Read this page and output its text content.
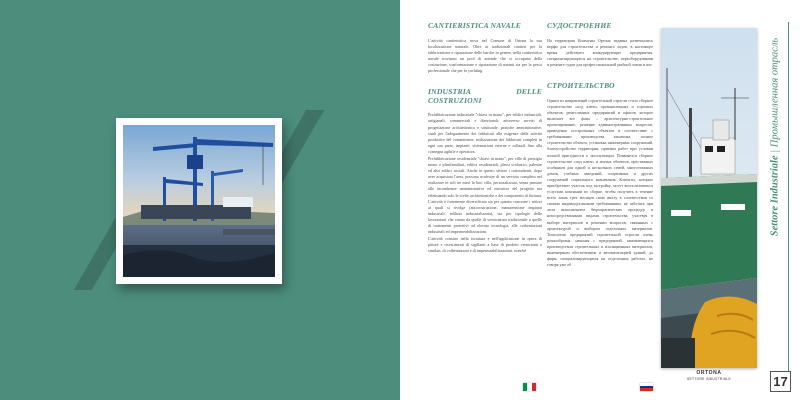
CANTIERISTICA NAVALE

L'attività cantieristica trova nel Comune di Ortona la sua localizzazione naturale. Oltre ai tradizionali cantieri per la fabbricazione e riparazione delle barche in genere, nella cantieristica navale troviamo un pool di aziende che si occupano della costruzione, trasformazione e riparazione di natanti sia per la pesca professionale che per lo yachting.

INDUSTRIA DELLE COSTRUZIONI

Prefabbricazione industriale "chiavi in mano", per edifici industriali, artigianali, commerciali e direzionali: attraverso servizi di progettazione architettonica e strutturale, pratiche amministrative, studi per l'adeguamento dei fabbricati alle esigenze delle attività produttive del committente, realizzazione dei fabbricati completi in ogni sua parte, impianti, sistemazioni esterne e collaudi fino alla consegna agibile e operativa.

Prefabbricazione residenziale "chiavi in mano", per ville di prestigio mono o plurifamiliari, edifici residenziali, plessi scolastici, palestre ed altri edifici sociali. Anche in questo settore i committenti, dopo aver acquistato l'area, possono usufruire di un servizio completo nel realizzare in soli tre mesi la loro villa, personalizzata, senza pensare alle incombenze amministrative ed esecutive del progetto ma effettuando solo le scelte architettoniche e dei componenti di finitura. L'attività è fortemente diversificata sia per quanto concerne i settori ai quali si rivolge (autocostruzione, manutenzione impianti industriali, edilizia industrializzata), sia per tipologie delle lavorazioni che vanno da quelle di verniciatura tradizionale a quelle di trattamenti protettivi ad elevata tecnologia, alle coibentazioni industriali ed impermeabilizzazioni.

L'attività consiste nella fornitura e nell'applicazione in opera di pitture e rivestimenti di sigillanti a base di prodotti vernicianti e similari, di coibentazioni e di impermeabilizzazioni, nonché

СУДОСТРОЕНИЕ

На территории Коммуны Ортона издавна размещались верфи для строительства и ремонта лодок, в настоящее время действуют конкурирующие предприятия, специализирующиеся на строительстве, переоборудовании и ремонте судов для профессиональной рыбной ловли и яхт.

СТРОИТЕЛЬСТВО

Одним из направлений строительной отрасли стало сборное строительство «под ключ» промышленных и торговых объектов, ремесленных предприятий и офисов, которое включает все фазы – архитектурно-строительное проектирование, решение административных вопросов, приведение построенных объектов в соответствие с требованиями производства заказчика, полное строительство объекта, установка инженерных сооружений, благоустройство территории, приемка работ при условии полной пригодности к эксплуатации. Появляется сборное строительство «под ключ» и жилых объектов, престижных особняков для одной и нескольких семей, многоэтажных домов, учебных заведений, спортивных и других сооружений социального назначения. Клиенты, которые приобретают участок под застройку, могут воспользоваться услугами компании по сборке, чтобы получить в течение всего лишь трех месяцев свою виллу в соответствии со своими индивидуальными требованиями, не заботясь при этом выполнением бюрократических процедур и непосредственными видами строительства, участвуя в выборе материалов и решении вопросов, связанных с архитектурой и выбором отделочных материалов. Типология предприятий строительной отрасли очень разнообразна, начиная с предприятий, занимающихся производством строительных и изоляционных материалов, инженерным обеспечением и автоматизацией зданий, до фирм, специализирующихся на отделочных работах, не говоря уже об

ORTONA
SETTORE INDUSTRIALE
Settore Industriale | Промышленная отрасль
17
